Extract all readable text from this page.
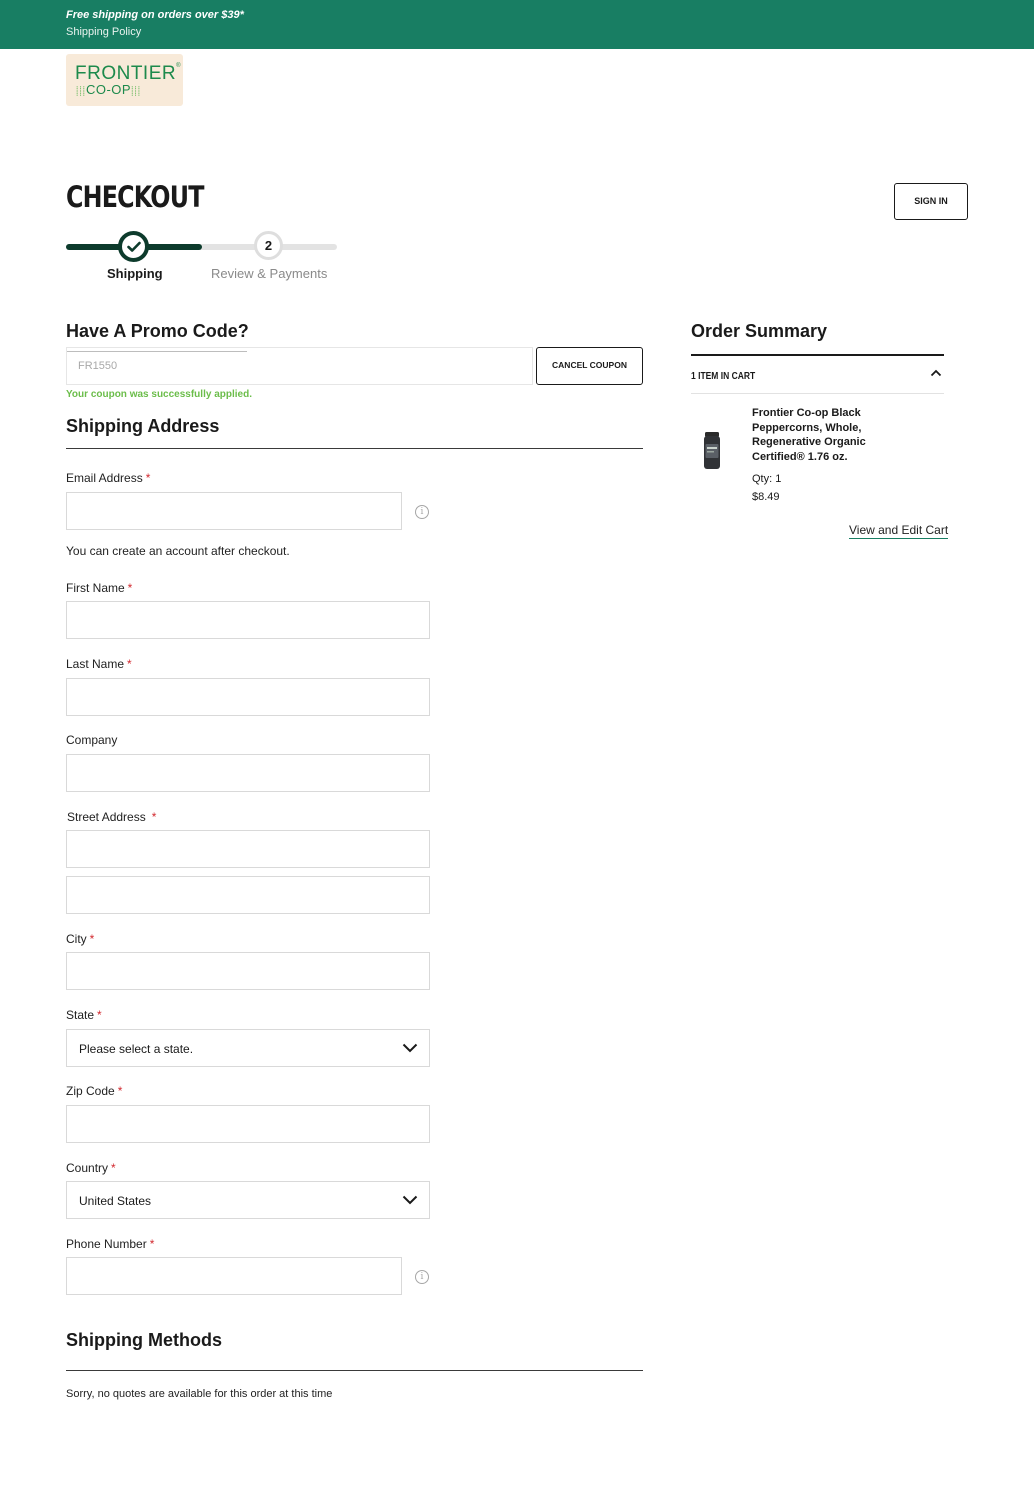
Free shipping on orders over $39*
Shipping Policy
FRONTIER®
⸽⸽⸽CO-OP⸽⸽⸽
CHECKOUT	SIGN IN
2
Shipping	Review & Payments
Have A Promo Code?
FR1550	CANCEL COUPON
Your coupon was successfully applied.
Shipping Address
Email Address *
i
You can create an account after checkout.
First Name *
Last Name *
Company
Street Address *
City *
State *
Please select a state.
Zip Code *
Country *
United States
Phone Number *
i
Shipping Methods
Sorry, no quotes are available for this order at this time
Order Summary
1 ITEM IN CART
Frontier Co-op Black Peppercorns, Whole, Regenerative Organic Certified® 1.76 oz.
Qty: 1
$8.49
View and Edit Cart
